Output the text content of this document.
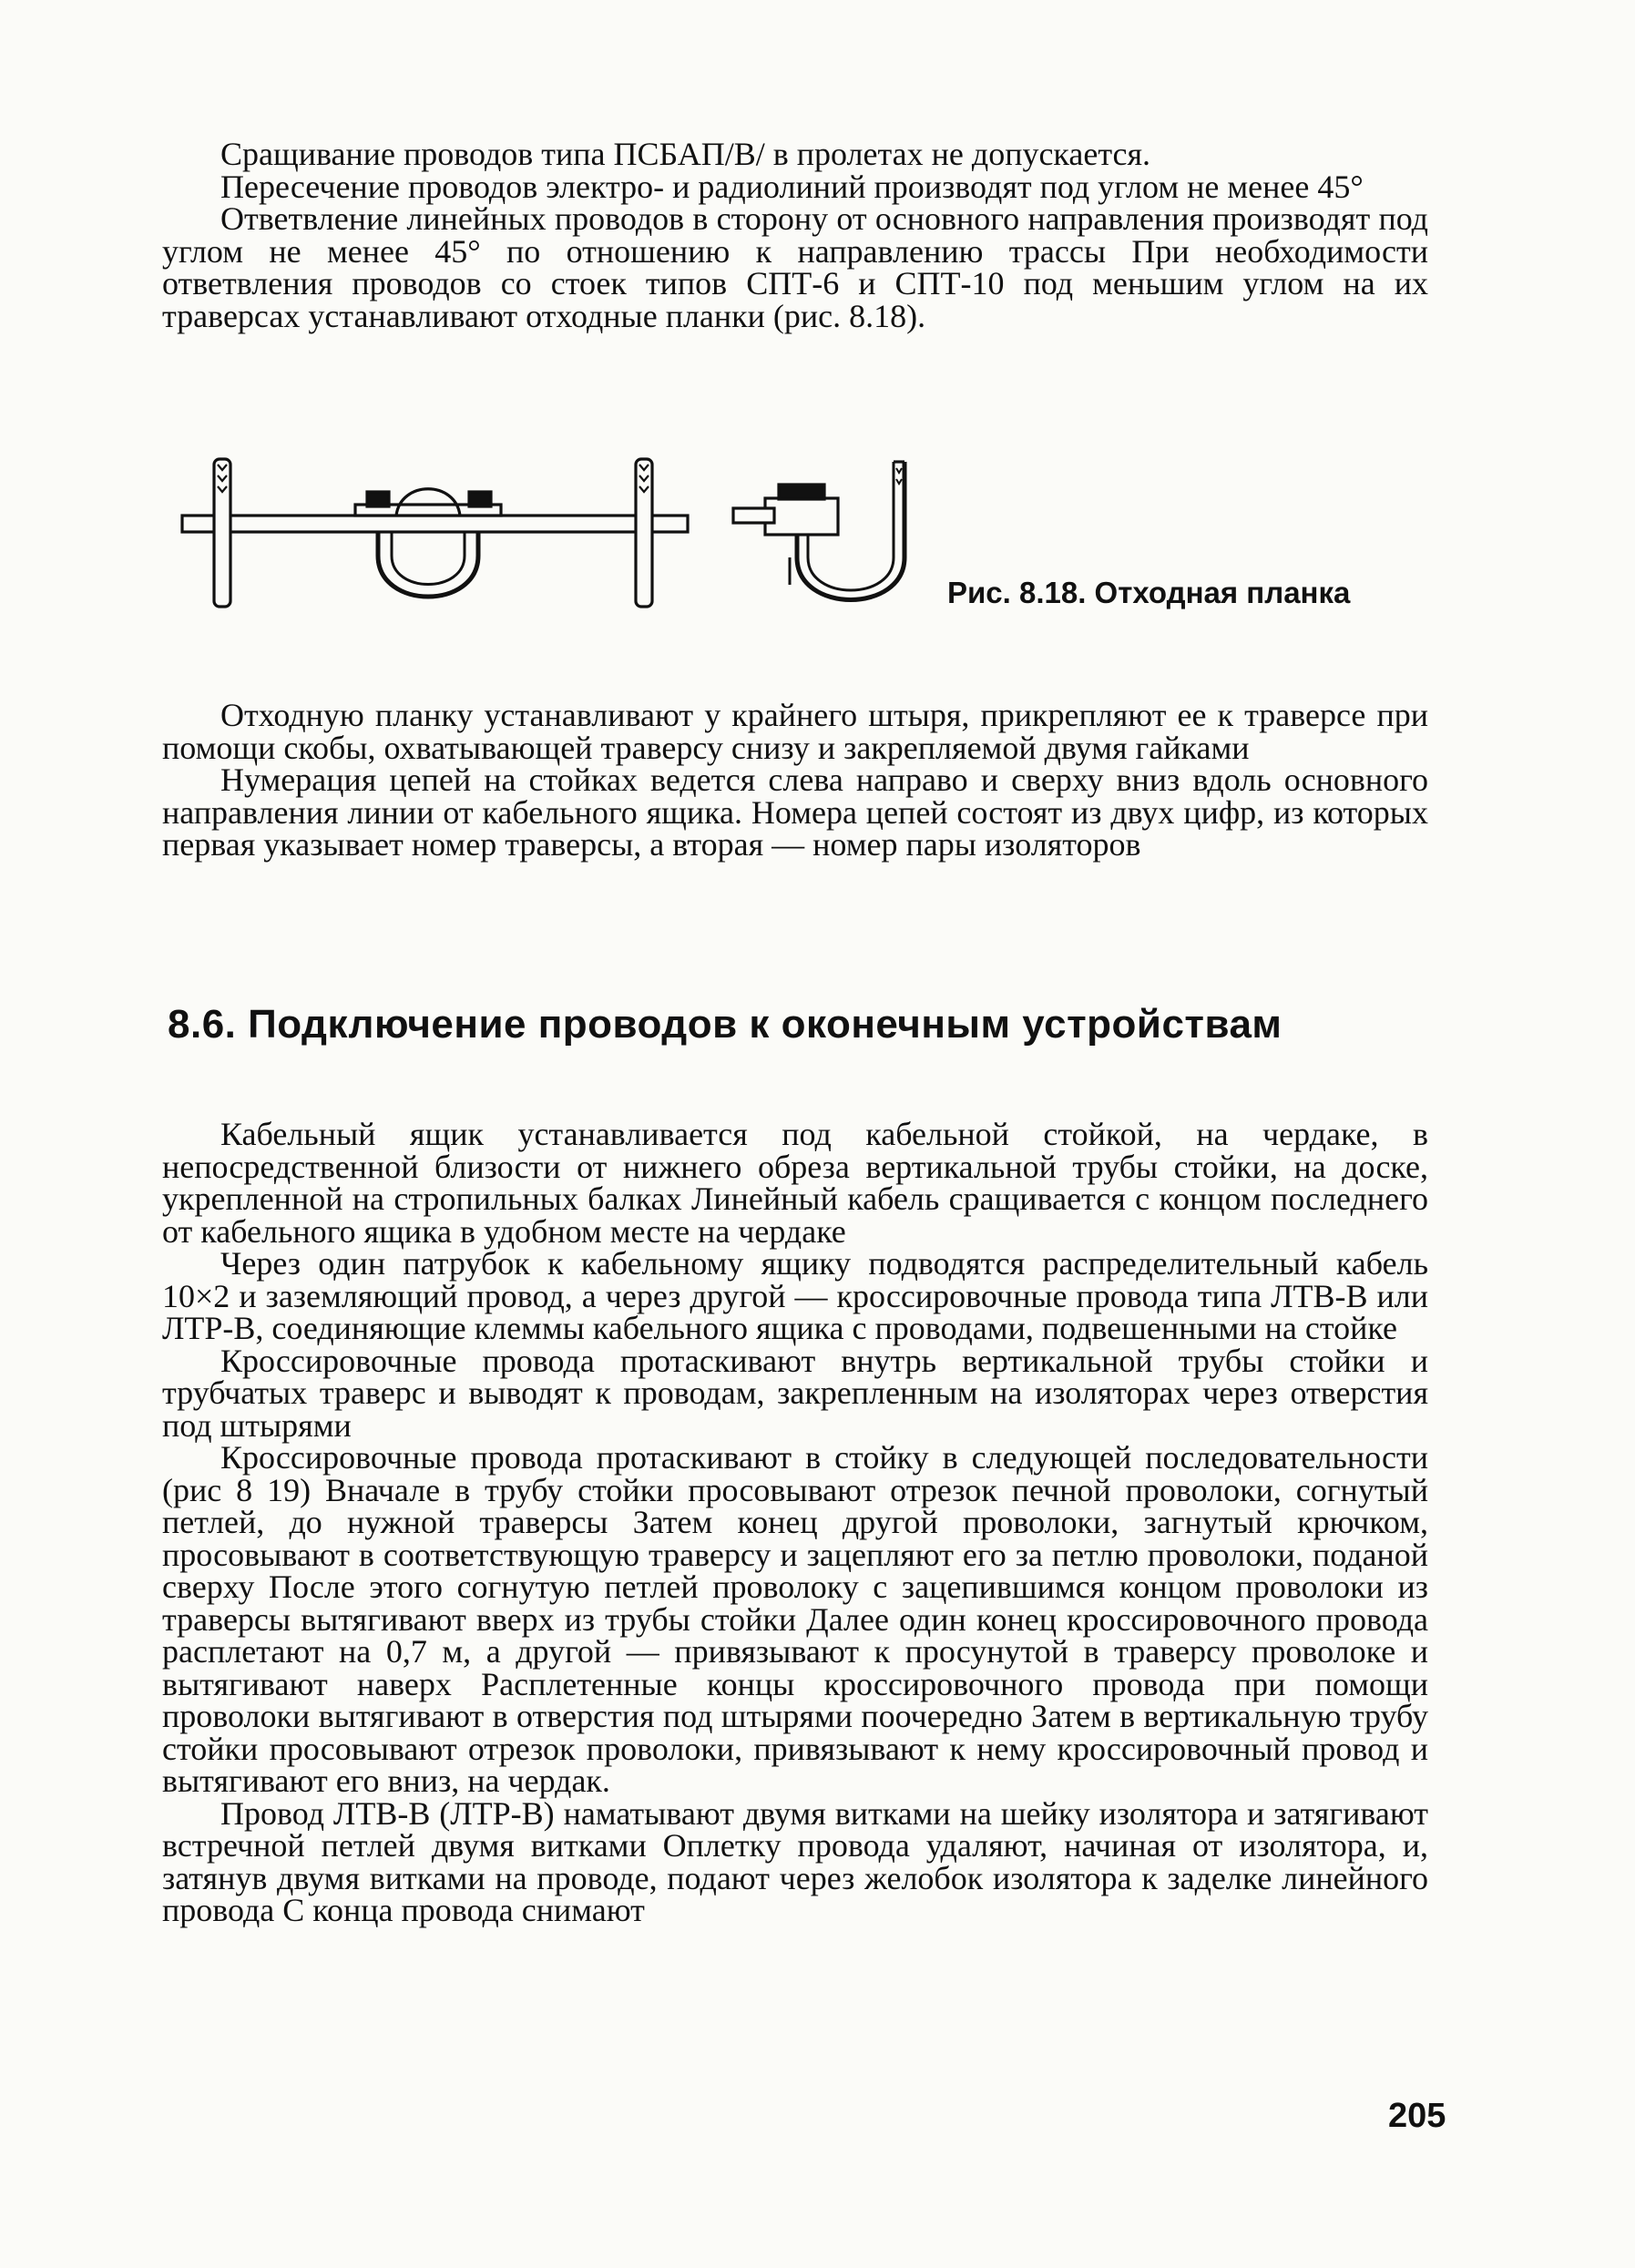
Сращивание проводов типа ПСБАП/В/ в пролетах не допускается.

Пересечение проводов электро- и радиолиний производят под углом не менее 45°

Ответвление линейных проводов в сторону от основного направления производят под углом не менее 45° по отношению к направлению трассы При необходимости ответвления проводов со стоек типов СПТ-6 и СПТ-10 под меньшим углом на их траверсах устанавливают отходные планки (рис. 8.18).

Рис. 8.18. Отходная планка

Отходную планку устанавливают у крайнего штыря, прикрепляют ее к траверсе при помощи скобы, охватывающей траверсу снизу и закрепляемой двумя гайками

Нумерация цепей на стойках ведется слева направо и сверху вниз вдоль основного направления линии от кабельного ящика. Номера цепей состоят из двух цифр, из которых первая указывает номер траверсы, а вторая — номер пары изоляторов

8.6. Подключение проводов к оконечным устройствам

Кабельный ящик устанавливается под кабельной стойкой, на чердаке, в непосредственной близости от нижнего обреза вертикальной трубы стойки, на доске, укрепленной на стропильных балках Линейный кабель сращивается с концом последнего от кабельного ящика в удобном месте на чердаке

Через один патрубок к кабельному ящику подводятся распределительный кабель 10×2 и заземляющий провод, а через другой — кроссировочные провода типа ЛТВ-В или ЛТР-В, соединяющие клеммы кабельного ящика с проводами, подвешенными на стойке

Кроссировочные провода протаскивают внутрь вертикальной трубы стойки и трубчатых траверс и выводят к проводам, закрепленным на изоляторах через отверстия под штырями

Кроссировочные провода протаскивают в стойку в следующей последовательности (рис 8 19) Вначале в трубу стойки просовывают отрезок печной проволоки, согнутый петлей, до нужной траверсы Затем конец другой проволоки, загнутый крючком, просовывают в соответствующую траверсу и зацепляют его за петлю проволоки, поданой сверху После этого согнутую петлей проволоку с зацепившимся концом проволоки из траверсы вытягивают вверх из трубы стойки Далее один конец кроссировочного провода расплетают на 0,7 м, а другой — привязывают к просунутой в траверсу проволоке и вытягивают наверх Расплетенные концы кроссировочного провода при помощи проволоки вытягивают в отверстия под штырями поочередно Затем в вертикальную трубу стойки просовывают отрезок проволоки, привязывают к нему кроссировочный провод и вытягивают его вниз, на чердак.

Провод ЛТВ-В (ЛТР-В) наматывают двумя витками на шейку изолятора и затягивают встречной петлей двумя витками Оплетку провода удаляют, начиная от изолятора, и, затянув двумя витками на проводе, подают через желобок изолятора к заделке линейного провода С конца провода снимают

205
